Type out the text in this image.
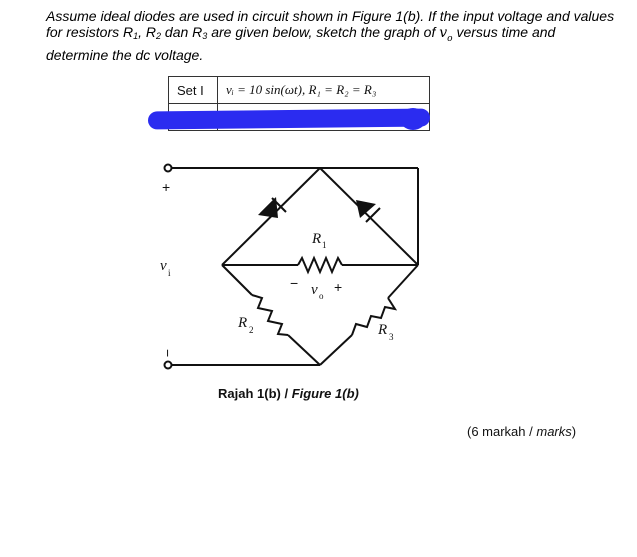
Assume ideal diodes are used in circuit shown in Figure 1(b). If the input voltage and values for resistors $R_1$, $R_2$ dan $R_3$ are given below, sketch the graph of $v_o$ versus time and determine the dc voltage.
Set I	vᵢ = 10 sin(ωt), R₁ = R₂ = R₃

+
−
v i
R 1
R 2	R 3
− v o
+
Rajah 1(b) / Figure 1(b)
(6 markah / marks)
